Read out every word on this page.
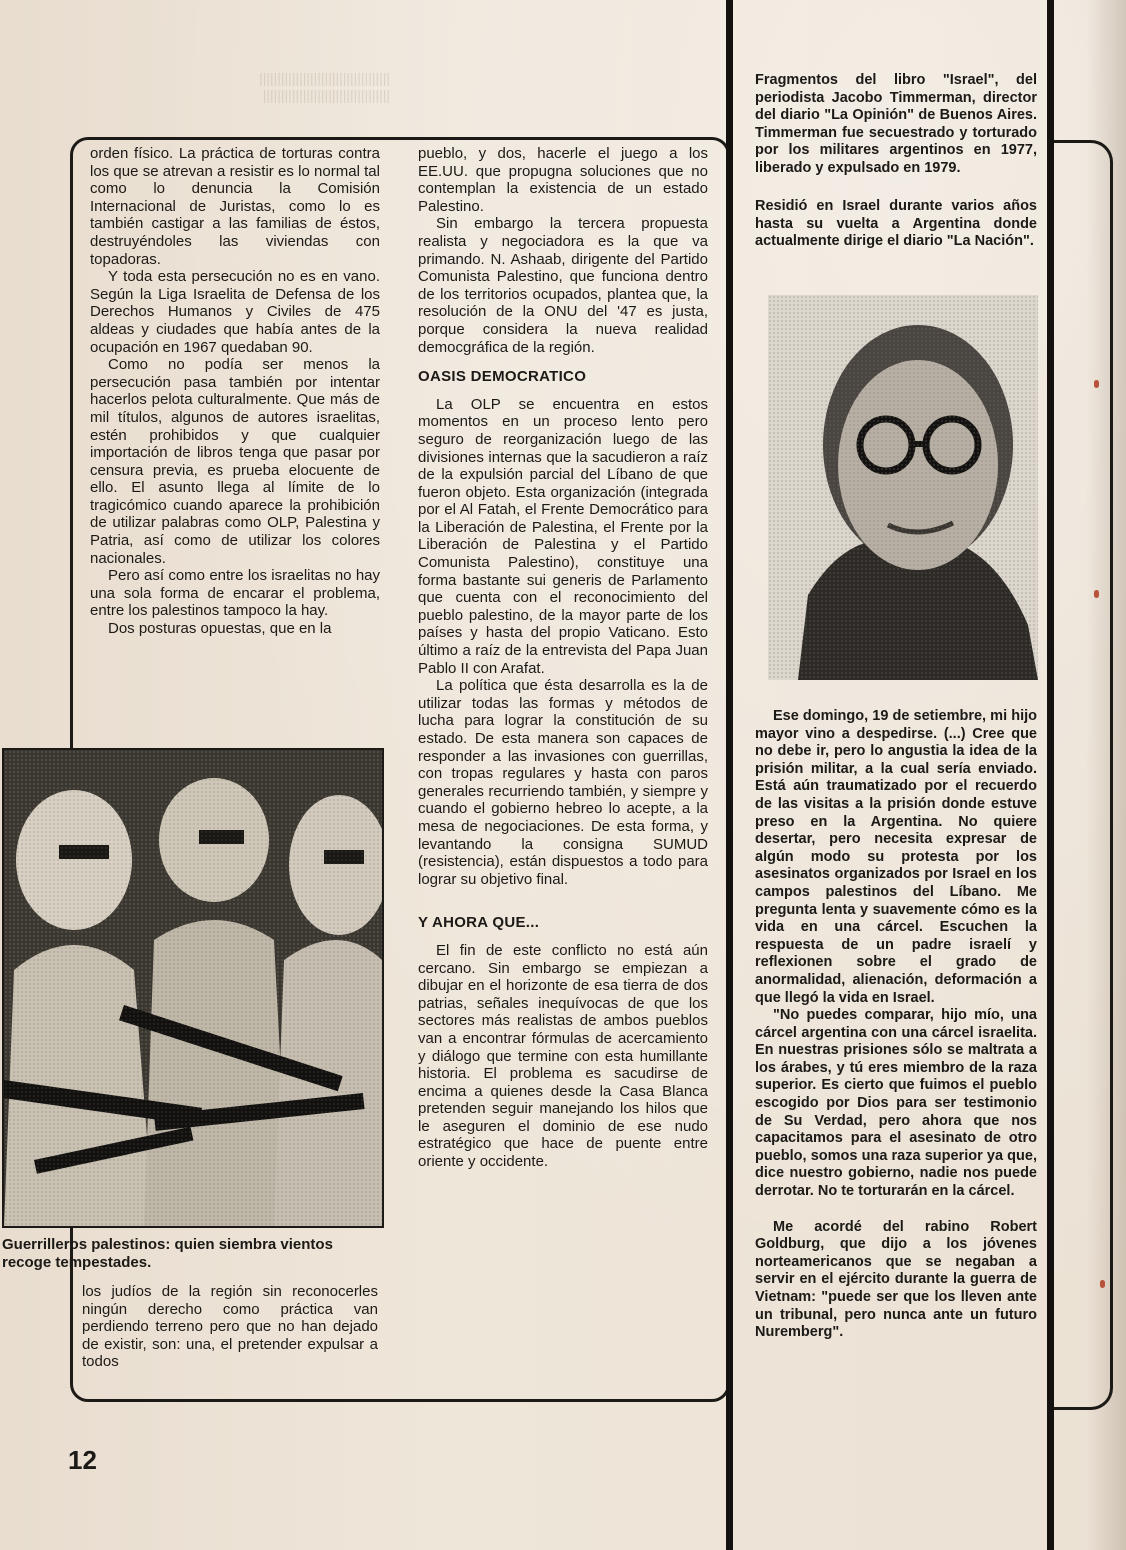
||||||||||||||||||||||||||||||||||||
|||||||||||||||||||||||||||||||||||

orden físico. La práctica de torturas contra los que se atrevan a resistir es lo normal tal como lo denuncia la Comisión Internacional de Juristas, como lo es también castigar a las familias de éstos, destruyéndoles las viviendas con topadoras.

Y toda esta persecución no es en vano. Según la Liga Israelita de Defensa de los Derechos Humanos y Civiles de 475 aldeas y ciudades que había antes de la ocupación en 1967 quedaban 90.

Como no podía ser menos la persecución pasa también por intentar hacerlos pelota culturalmente. Que más de mil títulos, algunos de autores israelitas, estén prohibidos y que cualquier importación de libros tenga que pasar por censura previa, es prueba elocuente de ello. El asunto llega al límite de lo tragicómico cuando aparece la prohibición de utilizar palabras como OLP, Palestina y Patria, así como de utilizar los colores nacionales.

Pero así como entre los israelitas no hay una sola forma de encarar el problema, entre los palestinos tampoco la hay.

Dos posturas opuestas, que en la

Guerrilleros palestinos: quien siembra vientos recoge tempestades.

los judíos de la región sin reconocerles ningún derecho como práctica van perdiendo terreno pero que no han dejado de existir, son: una, el pretender expulsar a todos

pueblo, y dos, hacerle el juego a los EE.UU. que propugna soluciones que no contemplan la existencia de un estado Palestino.

Sin embargo la tercera propuesta realista y negociadora es la que va primando. N. Ashaab, dirigente del Partido Comunista Palestino, que funciona dentro de los territorios ocupados, plantea que, la resolución de la ONU del '47 es justa, porque considera la nueva realidad democgráfica de la región.

OASIS DEMOCRATICO

La OLP se encuentra en estos momentos en un proceso lento pero seguro de reorganización luego de las divisiones internas que la sacudieron a raíz de la expulsión parcial del Líbano de que fueron objeto. Esta organización (integrada por el Al Fatah, el Frente Democrático para la Liberación de Palestina, el Frente por la Liberación de Palestina y el Partido Comunista Palestino), constituye una forma bastante sui generis de Parlamento que cuenta con el reconocimiento del pueblo palestino, de la mayor parte de los países y hasta del propio Vaticano. Esto último a raíz de la entrevista del Papa Juan Pablo II con Arafat.

La política que ésta desarrolla es la de utilizar todas las formas y métodos de lucha para lograr la constitución de su estado. De esta manera son capaces de responder a las invasiones con guerrillas, con tropas regulares y hasta con paros generales recurriendo también, y siempre y cuando el gobierno hebreo lo acepte, a la mesa de negociaciones. De esta forma, y levantando la consigna SUMUD (resistencia), están dispuestos a todo para lograr su objetivo final.

Y AHORA QUE...

El fin de este conflicto no está aún cercano. Sin embargo se empiezan a dibujar en el horizonte de esa tierra de dos patrias, señales inequívocas de que los sectores más realistas de ambos pueblos van a encontrar fórmulas de acercamiento y diálogo que termine con esta humillante historia. El problema es sacudirse de encima a quienes desde la Casa Blanca pretenden seguir manejando los hilos que le aseguren el dominio de ese nudo estratégico que hace de puente entre oriente y occidente.

Fragmentos del libro "Israel", del periodista Jacobo Timmerman, director del diario "La Opinión" de Buenos Aires. Timmerman fue secuestrado y torturado por los militares argentinos en 1977, liberado y expulsado en 1979.

Residió en Israel durante varios años hasta su vuelta a Argentina donde actualmente dirige el diario "La Nación".

Ese domingo, 19 de setiembre, mi hijo mayor vino a despedirse. (...) Cree que no debe ir, pero lo angustia la idea de la prisión militar, a la cual sería enviado. Está aún traumatizado por el recuerdo de las visitas a la prisión donde estuve preso en la Argentina. No quiere desertar, pero necesita expresar de algún modo su protesta por los asesinatos organizados por Israel en los campos palestinos del Líbano. Me pregunta lenta y suavemente cómo es la vida en una cárcel. Escuchen la respuesta de un padre israelí y reflexionen sobre el grado de anormalidad, alienación, deformación a que llegó la vida en Israel.

"No puedes comparar, hijo mío, una cárcel argentina con una cárcel israelita. En nuestras prisiones sólo se maltrata a los árabes, y tú eres miembro de la raza superior. Es cierto que fuimos el pueblo escogido por Dios para ser testimonio de Su Verdad, pero ahora que nos capacitamos para el asesinato de otro pueblo, somos una raza superior ya que, dice nuestro gobierno, nadie nos puede derrotar. No te torturarán en la cárcel.

Me acordé del rabino Robert Goldburg, que dijo a los jóvenes norteamericanos que se negaban a servir en el ejército durante la guerra de Vietnam: "puede ser que los lleven ante un tribunal, pero nunca ante un futuro Nuremberg".

12
